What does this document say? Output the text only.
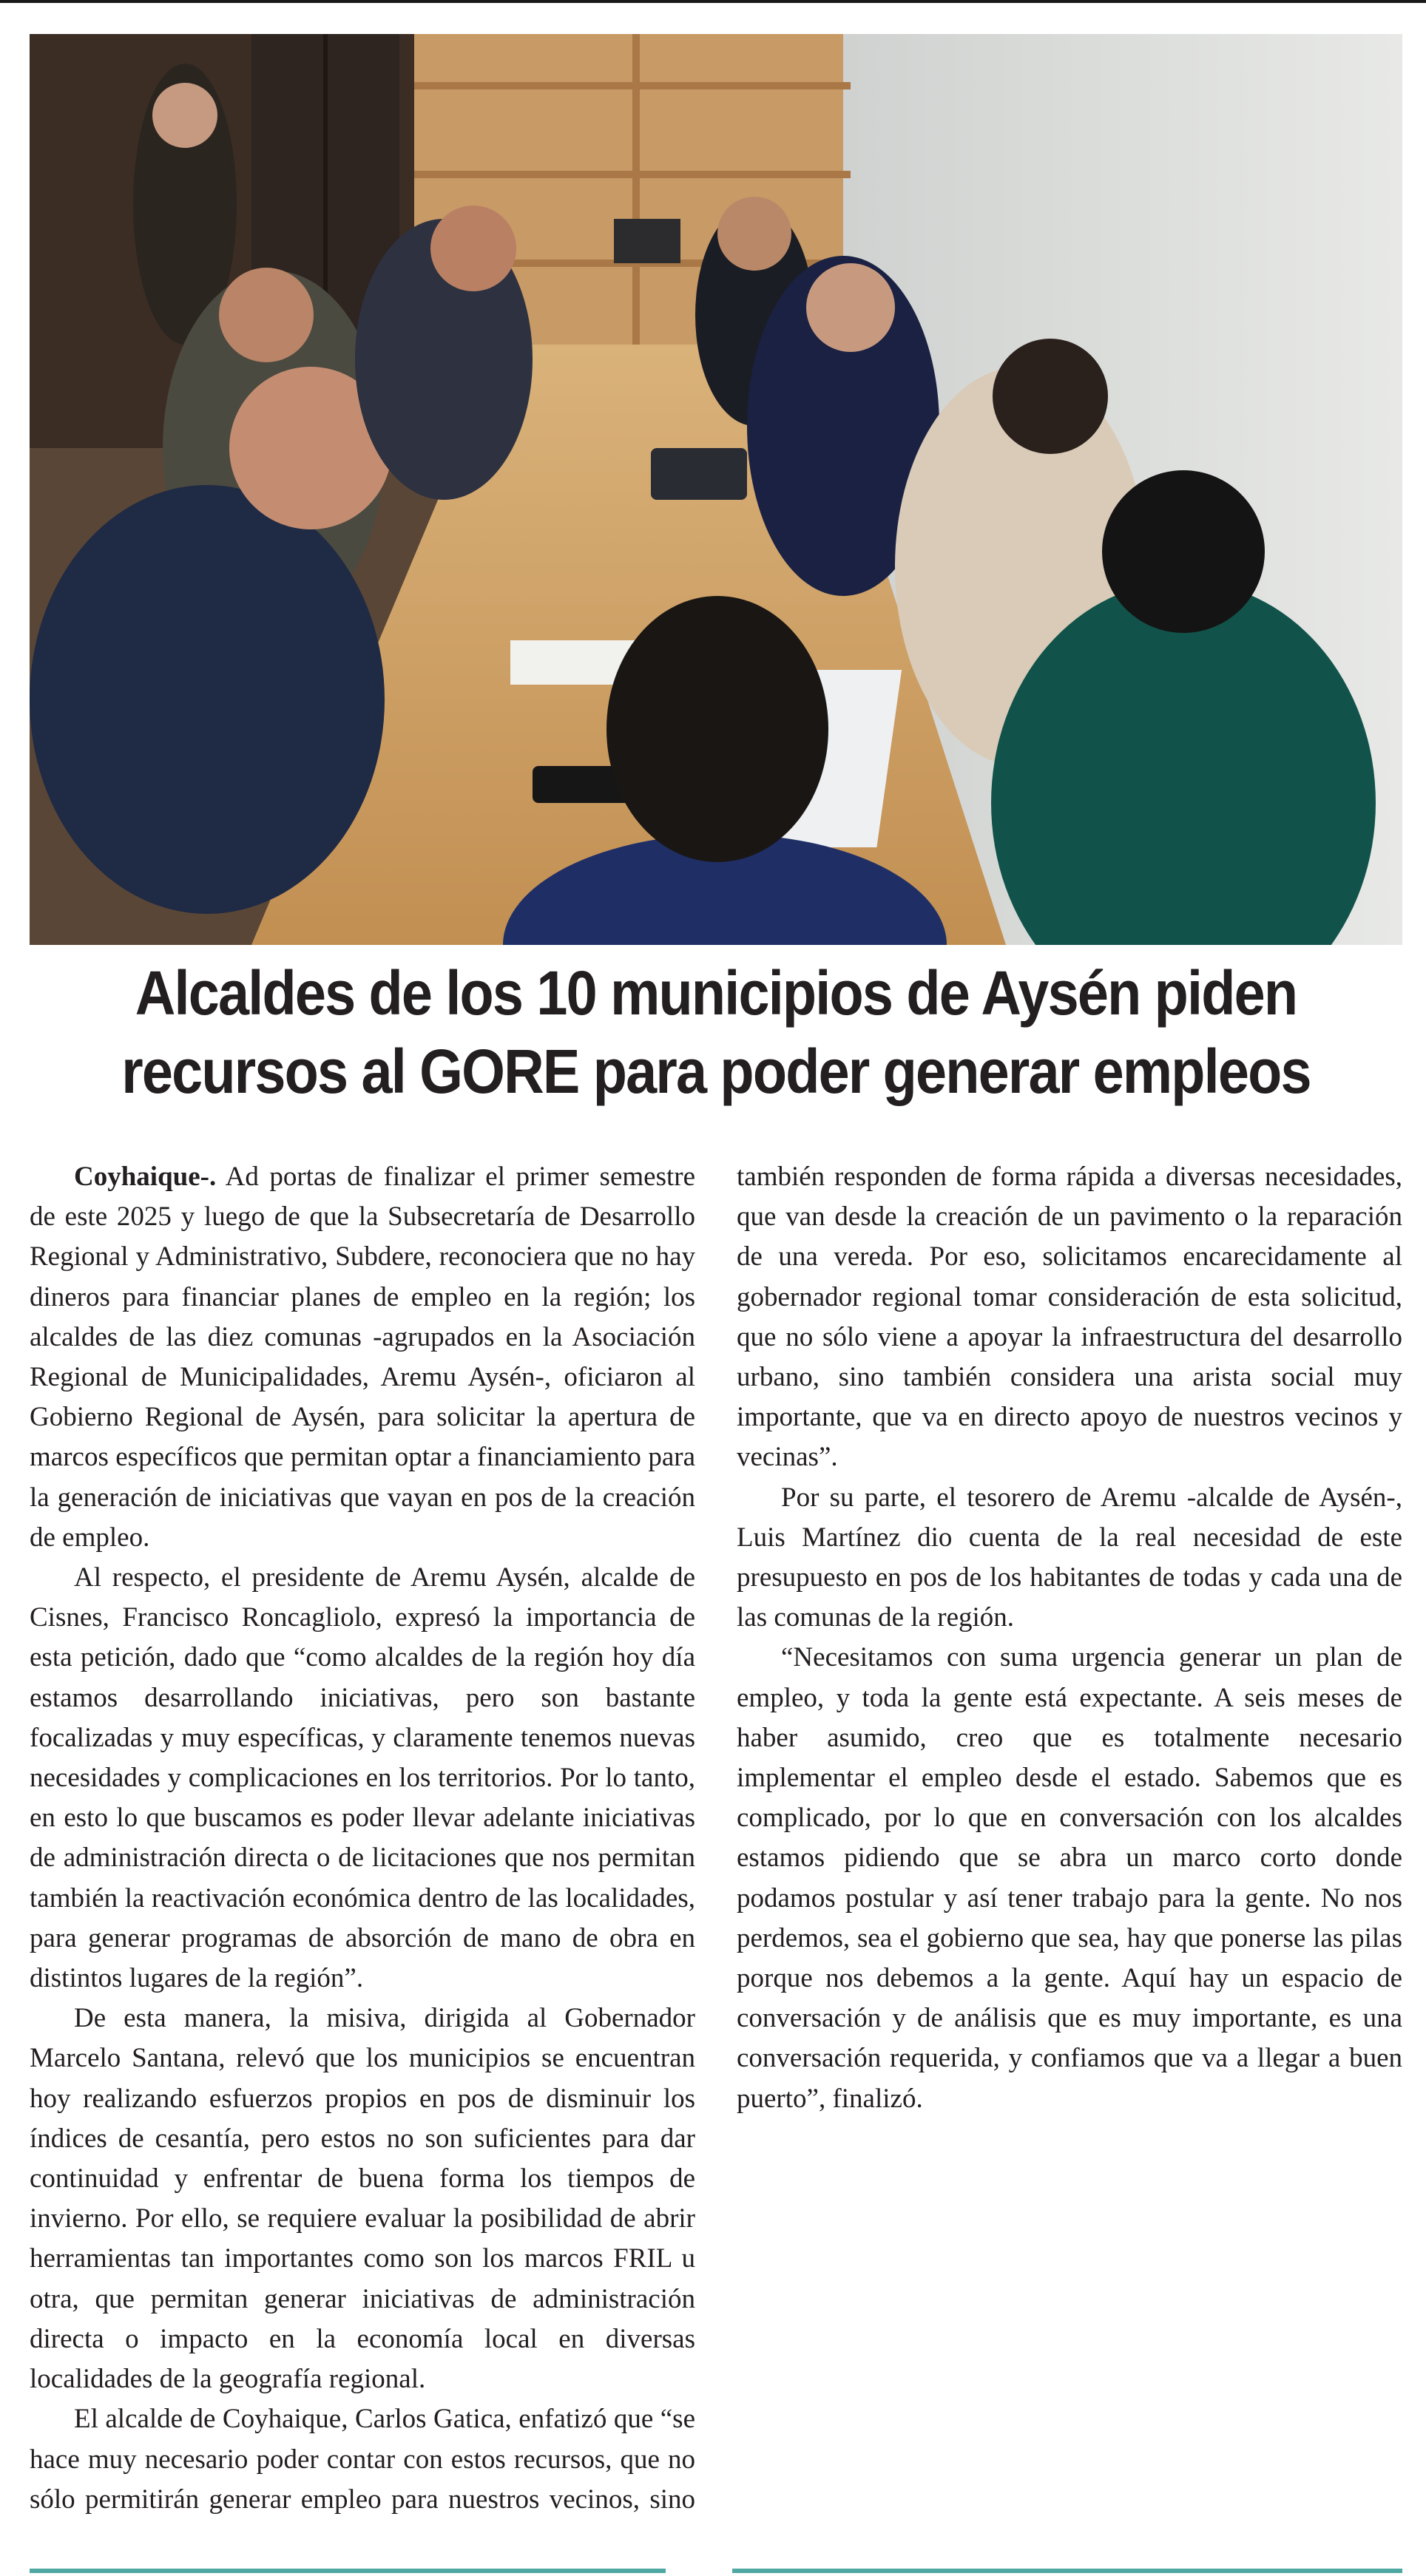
Alcaldes de los 10 municipios de Aysén piden recursos al GORE para poder generar empleos

Coyhaique-. Ad portas de finalizar el primer semestre de este 2025 y luego de que la Subsecretaría de Desarrollo Regional y Administrativo, Subdere, reconociera que no hay dineros para financiar planes de empleo en la región; los alcaldes de las diez comunas -agrupados en la Asociación Regional de Municipalidades, Aremu Aysén-, oficiaron al Gobierno Regional de Aysén, para solicitar la apertura de marcos específicos que permitan optar a financiamiento para la generación de iniciativas que vayan en pos de la creación de empleo.

Al respecto, el presidente de Aremu Aysén, alcalde de Cisnes, Francisco Roncagliolo, expresó la importancia de esta petición, dado que “como alcaldes de la región hoy día estamos desarrollando iniciativas, pero son bastante focalizadas y muy específicas, y claramente tenemos nuevas necesidades y complicaciones en los territorios. Por lo tanto, en esto lo que buscamos es poder llevar adelante iniciativas de administración directa o de licitaciones que nos permitan también la reactivación económica dentro de las localidades, para generar programas de absorción de mano de obra en distintos lugares de la región”.

De esta manera, la misiva, dirigida al Gobernador Marcelo Santana, relevó que los municipios se encuentran hoy realizando esfuerzos propios en pos de disminuir los índices de cesantía, pero estos no son suficientes para dar continuidad y enfrentar de buena forma los tiempos de invierno. Por ello, se requiere evaluar la posibilidad de abrir herramientas tan importantes como son los marcos FRIL u otra, que permitan generar iniciativas de administración directa o impacto en la economía local en diversas localidades de la geografía regional.

El alcalde de Coyhaique, Carlos Gatica, enfatizó que “se hace muy necesario poder contar con estos recursos, que no sólo permitirán generar empleo para nuestros vecinos, sino también responden de forma rápida a diversas necesidades, que van desde la creación de un pavimento o la reparación de una vereda. Por eso, solicitamos encarecidamente al gobernador regional tomar consideración de esta solicitud, que no sólo viene a apoyar la infraestructura del desarrollo urbano, sino también considera una arista social muy importante, que va en directo apoyo de nuestros vecinos y vecinas”.

Por su parte, el tesorero de Aremu -alcalde de Aysén-, Luis Martínez dio cuenta de la real necesidad de este presupuesto en pos de los habitantes de todas y cada una de las comunas de la región.

“Necesitamos con suma urgencia generar un plan de empleo, y toda la gente está expectante. A seis meses de haber asumido, creo que es totalmente necesario implementar el empleo desde el estado. Sabemos que es complicado, por lo que en conversación con los alcaldes estamos pidiendo que se abra un marco corto donde podamos postular y así tener trabajo para la gente. No nos perdemos, sea el gobierno que sea, hay que ponerse las pilas porque nos debemos a la gente. Aquí hay un espacio de conversación y de análisis que es muy importante, es una conversación requerida, y confiamos que va a llegar a buen puerto”, finalizó.
